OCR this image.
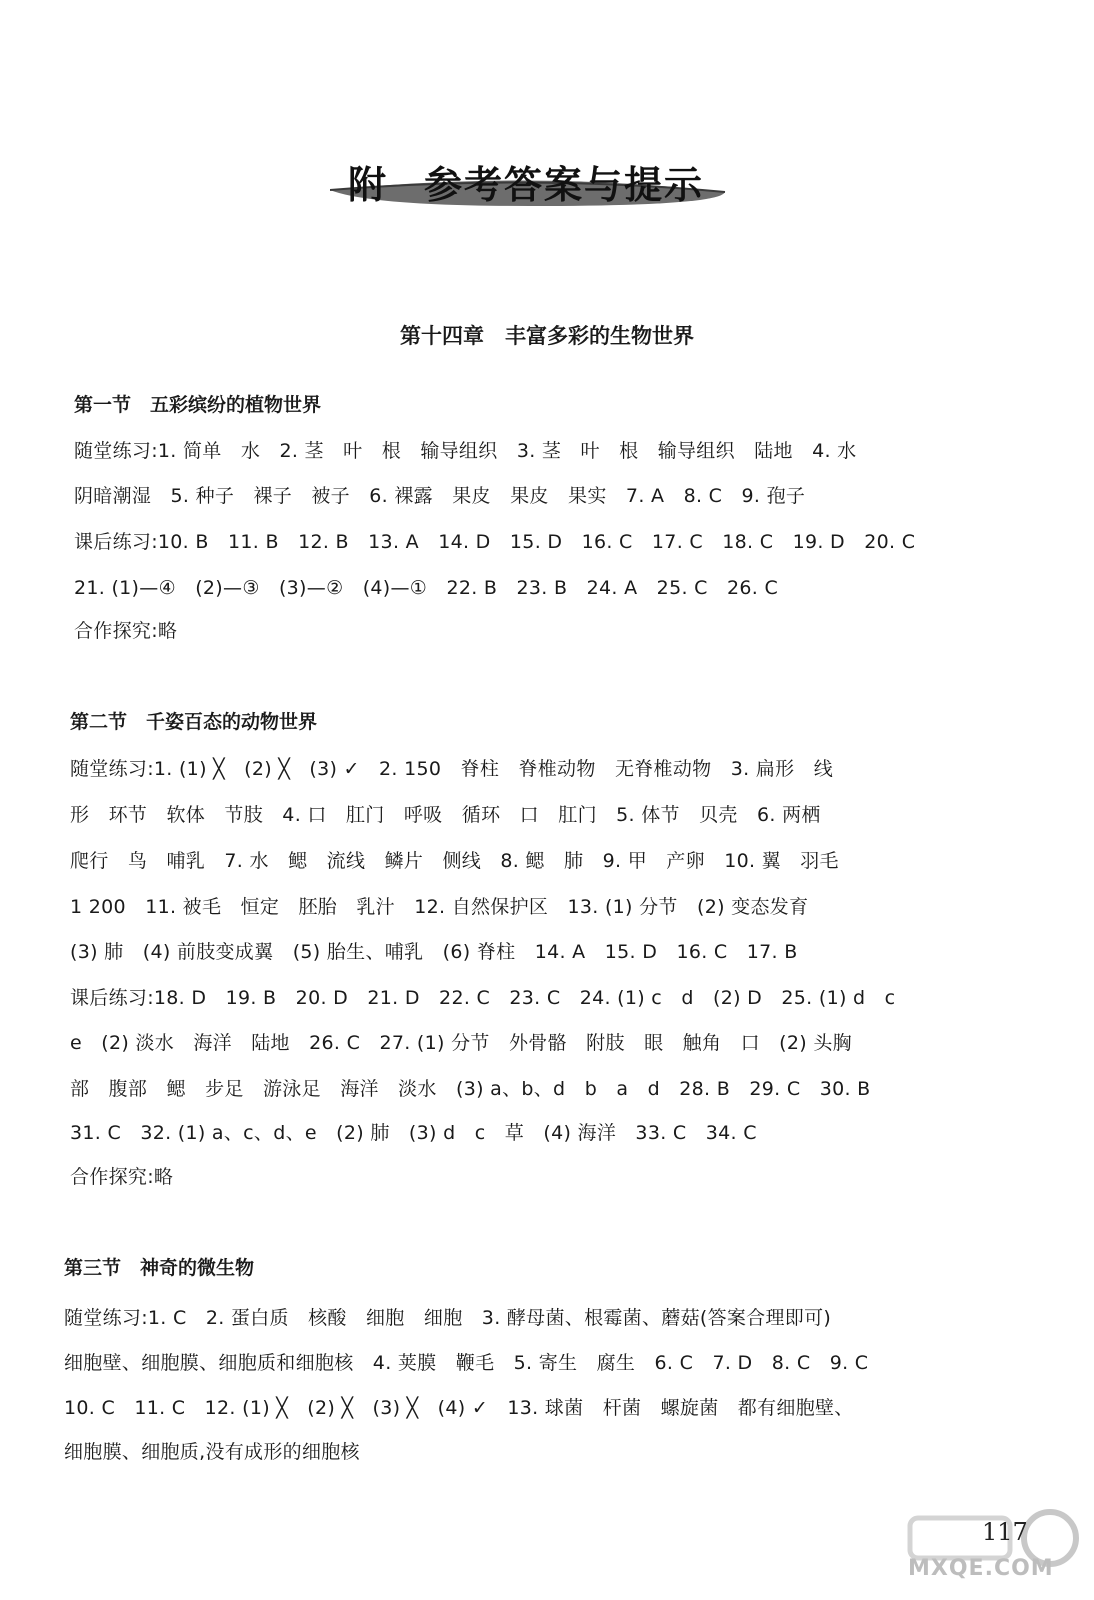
附 参考答案与提示
第十四章　丰富多彩的生物世界
第一节　五彩缤纷的植物世界
随堂练习:1. 简单　水　2. 茎　叶　根　输导组织　3. 茎　叶　根　输导组织　陆地　4. 水
阴暗潮湿　5. 种子　裸子　被子　6. 裸露　果皮　果皮　果实　7. A　8. C　9. 孢子
课后练习:10. B　11. B　12. B　13. A　14. D　15. D　16. C　17. C　18. C　19. D　20. C
21. (1)—④　(2)—③　(3)—②　(4)—①　22. B　23. B　24. A　25. C　26. C
合作探究:略
第二节　千姿百态的动物世界
随堂练习:1. (1) ╳　(2) ╳　(3) ✓　2. 150　脊柱　脊椎动物　无脊椎动物　3. 扁形　线
形　环节　软体　节肢　4. 口　肛门　呼吸　循环　口　肛门　5. 体节　贝壳　6. 两栖
爬行　鸟　哺乳　7. 水　鳃　流线　鳞片　侧线　8. 鳃　肺　9. 甲　产卵　10. 翼　羽毛
1 200　11. 被毛　恒定　胚胎　乳汁　12. 自然保护区　13. (1) 分节　(2) 变态发育
(3) 肺　(4) 前肢变成翼　(5) 胎生、哺乳　(6) 脊柱　14. A　15. D　16. C　17. B
课后练习:18. D　19. B　20. D　21. D　22. C　23. C　24. (1) c　d　(2) D　25. (1) d　c
e　(2) 淡水　海洋　陆地　26. C　27. (1) 分节　外骨骼　附肢　眼　触角　口　(2) 头胸
部　腹部　鳃　步足　游泳足　海洋　淡水　(3) a、b、d　b　a　d　28. B　29. C　30. B
31. C　32. (1) a、c、d、e　(2) 肺　(3) d　c　草　(4) 海洋　33. C　34. C
合作探究:略
第三节　神奇的微生物
随堂练习:1. C　2. 蛋白质　核酸　细胞　细胞　3. 酵母菌、根霉菌、蘑菇(答案合理即可)
细胞壁、细胞膜、细胞质和细胞核　4. 荚膜　鞭毛　5. 寄生　腐生　6. C　7. D　8. C　9. C
10. C　11. C　12. (1) ╳　(2) ╳　(3) ╳　(4) ✓　13. 球菌　杆菌　螺旋菌　都有细胞壁、
细胞膜、细胞质,没有成形的细胞核
MXQE.COM
117
